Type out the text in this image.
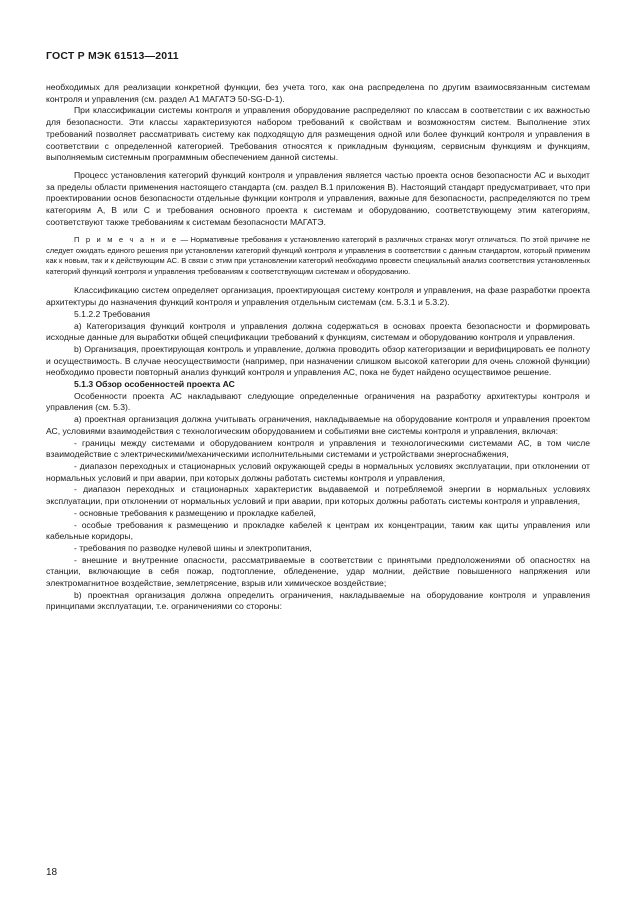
ГОСТ Р МЭК 61513—2011

необходимых для реализации конкретной функции, без учета того, как она распределена по другим взаимосвязанным системам контроля и управления (см. раздел А1 МАГАТЭ 50-SG-D-1).

При классификации системы контроля и управления оборудование распределяют по классам в соответствии с их важностью для безопасности. Эти классы характеризуются набором требований к свойствам и возможностям систем. Выполнение этих требований позволяет рассматривать систему как подходящую для размещения одной или более функций контроля и управления в соответствии с определенной категорией. Требования относятся к прикладным функциям, сервисным функциям и функциям, выполняемым системным программным обеспечением данной системы.

Процесс установления категорий функций контроля и управления является частью проекта основ безопасности АС и выходит за пределы области применения настоящего стандарта (см. раздел В.1 приложения В). Настоящий стандарт предусматривает, что при проектировании основ безопасности отдельные функции контроля и управления, важные для безопасности, распределяются по трем категориям А, В или С и требования основного проекта к системам и оборудованию, соответствующему этим категориям, соответствуют также требованиям к системам безопасности МАГАТЭ.

П р и м е ч а н и е — Нормативные требования к установлению категорий в различных странах могут отличаться. По этой причине не следует ожидать единого решения при установлении категорий функций контроля и управления в соответствии с данным стандартом, который применим как к новым, так и к действующим АС. В связи с этим при установлении категорий необходимо провести специальный анализ соответствия установленных категорий функций контроля и управления требованиям к соответствующим системам и оборудованию.

Классификацию систем определяет организация, проектирующая систему контроля и управления, на фазе разработки проекта архитектуры до назначения функций контроля и управления отдельным системам (см. 5.3.1 и 5.3.2).

5.1.2.2 Требования

а) Категоризация функций контроля и управления должна содержаться в основах проекта безопасности и формировать исходные данные для выработки общей спецификации требований к функциям, системам и оборудованию контроля и управления.

b) Организация, проектирующая контроль и управление, должна проводить обзор категоризации и верифицировать ее полноту и осуществимость. В случае неосуществимости (например, при назначении слишком высокой категории для очень сложной функции) необходимо провести повторный анализ функций контроля и управления АС, пока не будет найдено осуществимое решение.

5.1.3 Обзор особенностей проекта АС

Особенности проекта АС накладывают следующие определенные ограничения на разработку архитектуры контроля и управления (см. 5.3).

а) проектная организация должна учитывать ограничения, накладываемые на оборудование контроля и управления проектом АС, условиями взаимодействия с технологическим оборудованием и событиями вне системы контроля и управления, включая:

- границы между системами и оборудованием контроля и управления и технологическими системами АС, в том числе взаимодействие с электрическими/механическими исполнительными системами и устройствами энергоснабжения,

- диапазон переходных и стационарных условий окружающей среды в нормальных условиях эксплуатации, при отклонении от нормальных условий и при аварии, при которых должны работать системы контроля и управления,

- диапазон переходных и стационарных характеристик выдаваемой и потребляемой энергии в нормальных условиях эксплуатации, при отклонении от нормальных условий и при аварии, при которых должны работать системы контроля и управления,

- основные требования к размещению и прокладке кабелей,

- особые требования к размещению и прокладке кабелей к центрам их концентрации, таким как щиты управления или кабельные коридоры,

- требования по разводке нулевой шины и электропитания,

- внешние и внутренние опасности, рассматриваемые в соответствии с принятыми предположениями об опасностях на станции, включающие в себя пожар, подтопление, обледенение, удар молнии, действие повышенного напряжения или электромагнитное воздействие, землетрясение, взрыв или химическое воздействие;

b) проектная организация должна определить ограничения, накладываемые на оборудование контроля и управления принципами эксплуатации, т.е. ограничениями со стороны:

18
